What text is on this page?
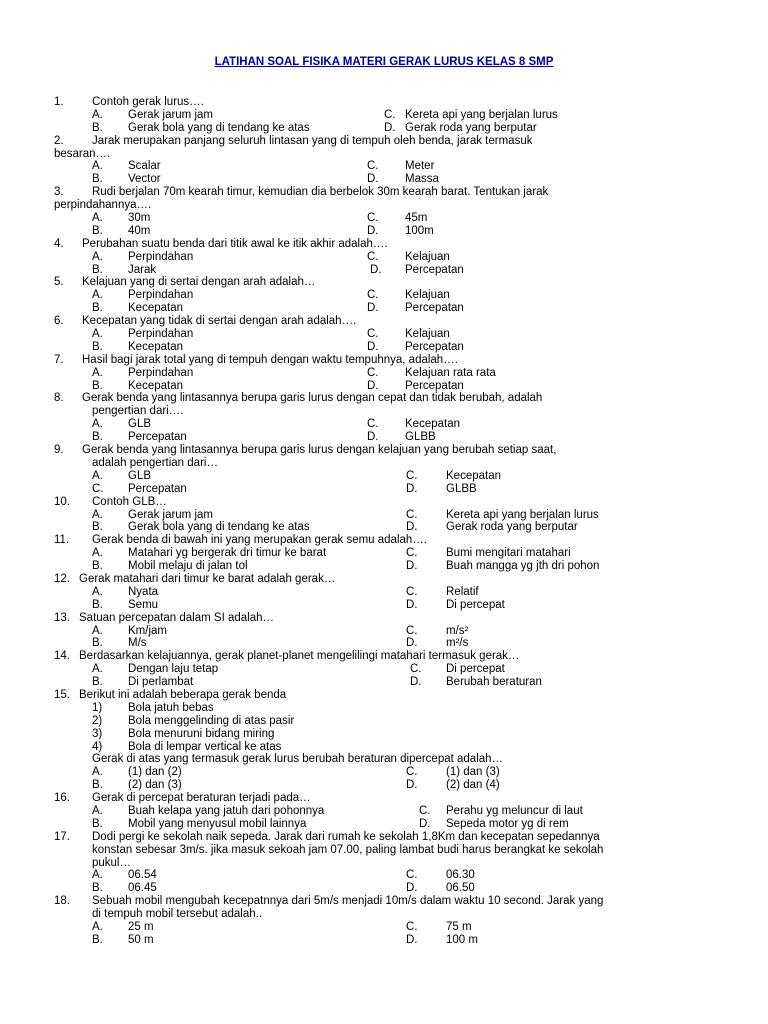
LATIHAN SOAL FISIKA MATERI GERAK LURUS KELAS 8 SMP
1. Contoh gerak lurus….
A. Gerak jarum jam	C. Kereta api yang berjalan lurus
B. Gerak bola yang di tendang ke atas	D. Gerak roda yang berputar
2. Jarak merupakan panjang seluruh lintasan yang di tempuh oleh benda, jarak termasuk
besaran….
A. Scalar	C. Meter
B. Vector	D. Massa
3. Rudi berjalan 70m kearah timur, kemudian dia berbelok 30m kearah barat. Tentukan jarak
perpindahannya….
A. 30m	C. 45m
B. 40m	D. 100m
4. Perubahan suatu benda dari titik awal ke itik akhir adalah….
A. Perpindahan	C. Kelajuan
B. Jarak	D. Percepatan
5. Kelajuan yang di sertai dengan arah adalah…
A. Perpindahan	C. Kelajuan
B. Kecepatan	D. Percepatan
6. Kecepatan yang tidak di sertai dengan arah adalah….
A. Perpindahan	C. Kelajuan
B. Kecepatan	D. Percepatan
7. Hasil bagi jarak total yang di tempuh dengan waktu tempuhnya, adalah….
A. Perpindahan	C. Kelajuan rata rata
B. Kecepatan	D. Percepatan
8. Gerak benda yang lintasannya berupa garis lurus dengan cepat dan tidak berubah, adalah
pengertian dari….
A. GLB	C. Kecepatan
B. Percepatan	D. GLBB
9. Gerak benda yang lintasannya berupa garis lurus dengan kelajuan yang berubah setiap saat,
adalah pengertian dari…
A. GLB	C. Kecepatan
C. Percepatan	D. GLBB
10. Contoh GLB…
A. Gerak jarum jam	C. Kereta api yang berjalan lurus
B. Gerak bola yang di tendang ke atas	D. Gerak roda yang berputar
11. Gerak benda di bawah ini yang merupakan gerak semu adalah….
A. Matahari yg bergerak dri timur ke barat	C. Bumi mengitari matahari
B. Mobil melaju di jalan tol	D. Buah mangga yg jth dri pohon
12. Gerak matahari dari timur ke barat adalah gerak…
A. Nyata	C. Relatif
B. Semu	D. Di percepat
13. Satuan percepatan dalam SI adalah…
A. Km/jam	C. m/s²
B. M/s	D. m²/s
14. Berdasarkan kelajuannya, gerak planet-planet mengelilingi matahari termasuk gerak…
A. Dengan laju tetap	C. Di percepat
B. Di perlambat	D. Berubah beraturan
15. Berikut ini adalah beberapa gerak benda
1) Bola jatuh bebas
2) Bola menggelinding di atas pasir
3) Bola menuruni bidang miring
4) Bola di lempar vertical ke atas
Gerak di atas yang termasuk gerak lurus berubah beraturan dipercepat adalah…
A. (1) dan (2)	C. (1) dan (3)
B. (2) dan (3)	D. (2) dan (4)
16. Gerak di percepat beraturan terjadi pada…
A. Buah kelapa yang jatuh dari pohonnya	C. Perahu yg meluncur di laut
B. Mobil yang menyusul mobil lainnya	D. Sepeda motor yg di rem
17. Dodi pergi ke sekolah naik sepeda. Jarak dari rumah ke sekolah 1,8Km dan kecepatan sepedannya
konstan sebesar 3m/s. jika masuk sekoah jam 07.00, paling lambat budi harus berangkat ke sekolah
pukul…
A. 06.54	C. 06.30
B. 06.45	D. 06.50
18. Sebuah mobil mengubah kecepatnnya dari 5m/s menjadi 10m/s dalam waktu 10 second. Jarak yang
di tempuh mobil tersebut adalah..
A. 25 m	C. 75 m
B. 50 m	D. 100 m
